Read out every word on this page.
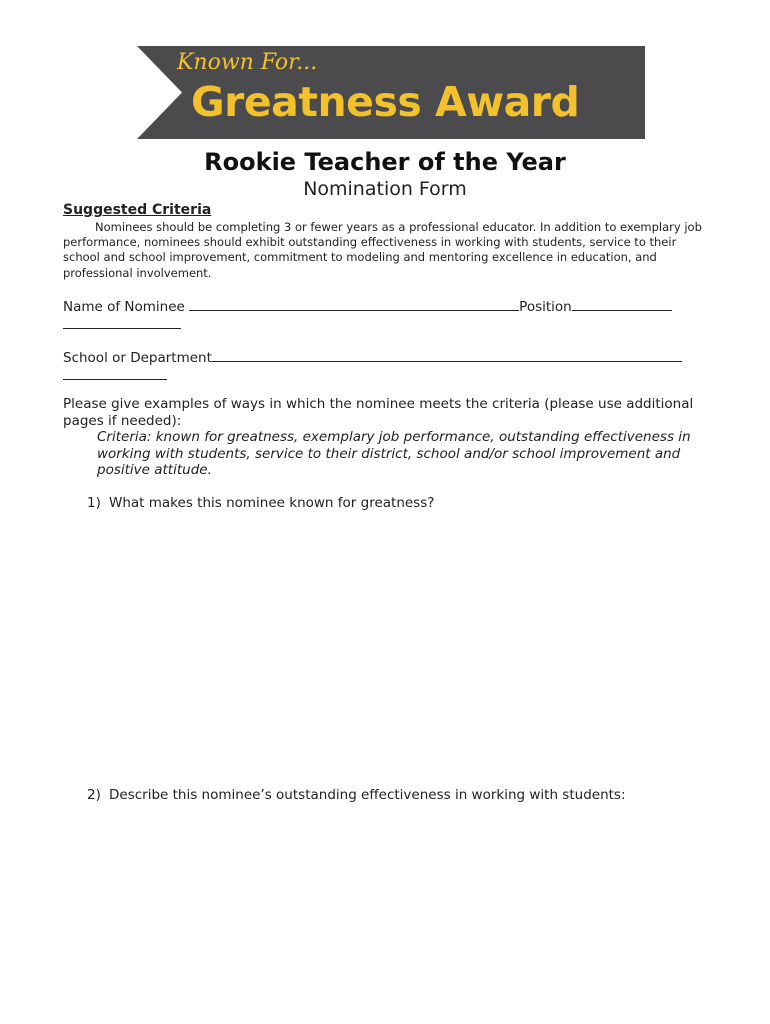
Known For...
Greatness Award
Rookie Teacher of the Year
Nomination Form
Suggested Criteria
Nominees should be completing 3 or fewer years as a professional educator. In addition to exemplary job performance, nominees should exhibit outstanding effectiveness in working with students, service to their school and school improvement, commitment to modeling and mentoring excellence in education, and professional involvement.
Name of Nominee	Position
School or Department
Please give examples of ways in which the nominee meets the criteria (please use additional pages if needed):
Criteria: known for greatness, exemplary job performance, outstanding effectiveness in working with students, service to their district, school and/or school improvement and positive attitude.
1) What makes this nominee known for greatness?
2) Describe this nominee’s outstanding effectiveness in working with students:
